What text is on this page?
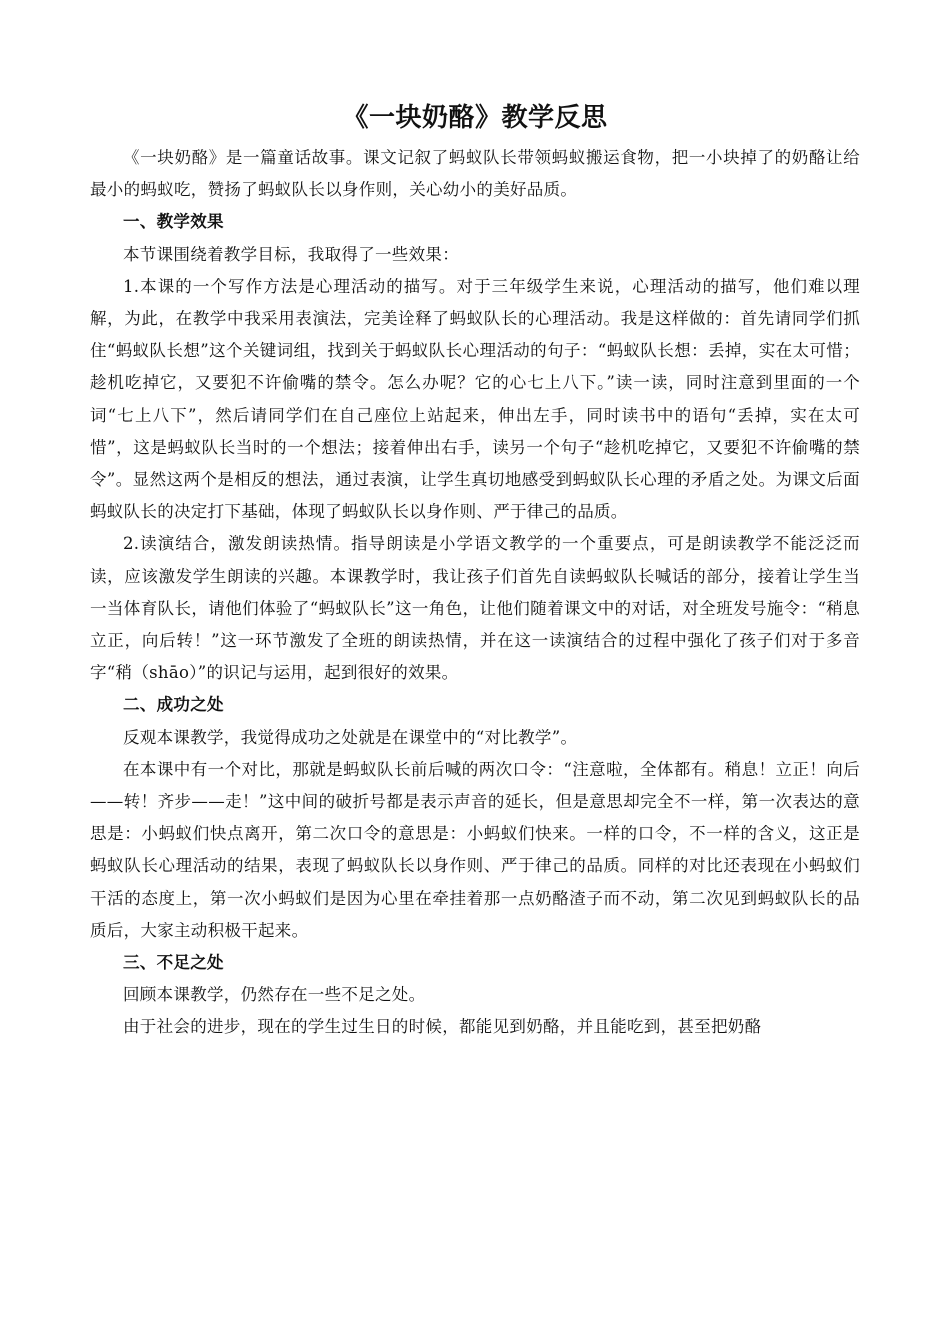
《一块奶酪》教学反思

《一块奶酪》是一篇童话故事。课文记叙了蚂蚁队长带领蚂蚁搬运食物，把一小块掉了的奶酪让给最小的蚂蚁吃，赞扬了蚂蚁队长以身作则，关心幼小的美好品质。

一、教学效果

本节课围绕着教学目标，我取得了一些效果：

1.本课的一个写作方法是心理活动的描写。对于三年级学生来说，心理活动的描写，他们难以理解，为此，在教学中我采用表演法，完美诠释了蚂蚁队长的心理活动。我是这样做的：首先请同学们抓住“蚂蚁队长想”这个关键词组，找到关于蚂蚁队长心理活动的句子：“蚂蚁队长想：丢掉，实在太可惜；趁机吃掉它，又要犯不许偷嘴的禁令。怎么办呢？它的心七上八下。”读一读，同时注意到里面的一个词“七上八下”，然后请同学们在自己座位上站起来，伸出左手，同时读书中的语句“丢掉，实在太可惜”，这是蚂蚁队长当时的一个想法；接着伸出右手，读另一个句子“趁机吃掉它，又要犯不许偷嘴的禁令”。显然这两个是相反的想法，通过表演，让学生真切地感受到蚂蚁队长心理的矛盾之处。为课文后面蚂蚁队长的决定打下基础，体现了蚂蚁队长以身作则、严于律己的品质。

2.读演结合，激发朗读热情。指导朗读是小学语文教学的一个重要点，可是朗读教学不能泛泛而读，应该激发学生朗读的兴趣。本课教学时，我让孩子们首先自读蚂蚁队长喊话的部分，接着让学生当一当体育队长，请他们体验了“蚂蚁队长”这一角色，让他们随着课文中的对话，对全班发号施令：“稍息立正，向后转！”这一环节激发了全班的朗读热情，并在这一读演结合的过程中强化了孩子们对于多音字“稍（shāo）”的识记与运用，起到很好的效果。

二、成功之处

反观本课教学，我觉得成功之处就是在课堂中的“对比教学”。

在本课中有一个对比，那就是蚂蚁队长前后喊的两次口令：“注意啦，全体都有。稍息！立正！向后——转！齐步——走！”这中间的破折号都是表示声音的延长，但是意思却完全不一样，第一次表达的意思是：小蚂蚁们快点离开，第二次口令的意思是：小蚂蚁们快来。一样的口令，不一样的含义，这正是蚂蚁队长心理活动的结果，表现了蚂蚁队长以身作则、严于律己的品质。同样的对比还表现在小蚂蚁们干活的态度上，第一次小蚂蚁们是因为心里在牵挂着那一点奶酪渣子而不动，第二次见到蚂蚁队长的品质后，大家主动积极干起来。

三、不足之处

回顾本课教学，仍然存在一些不足之处。

由于社会的进步，现在的学生过生日的时候，都能见到奶酪，并且能吃到，甚至把奶酪
